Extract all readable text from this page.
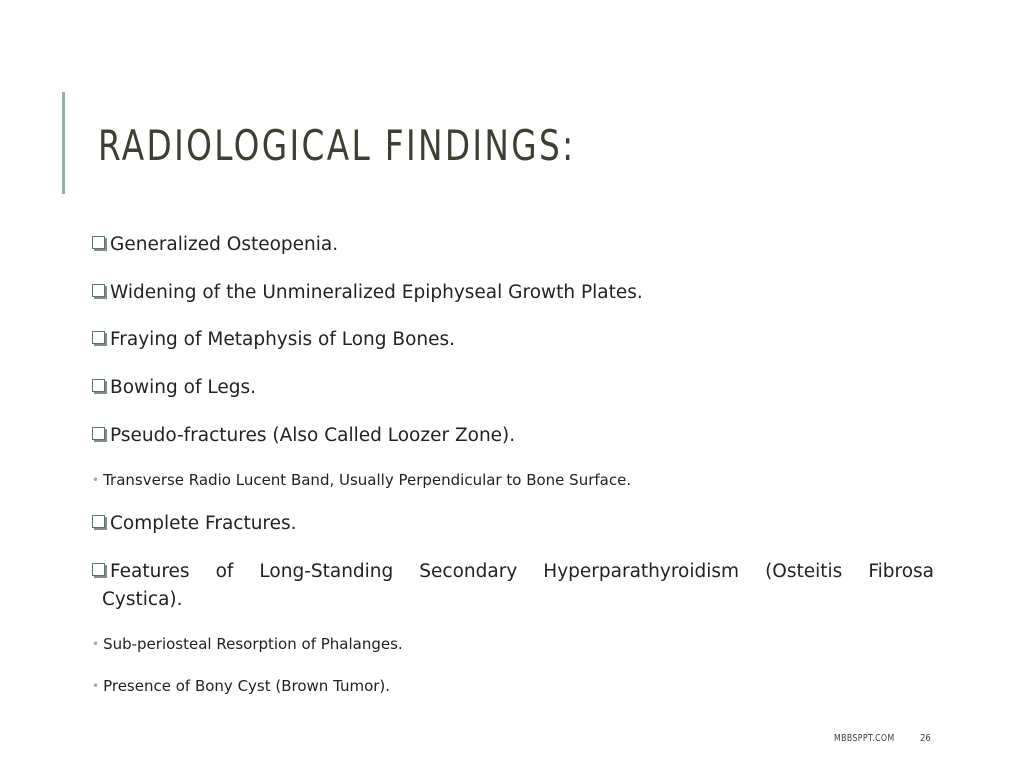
RADIOLOGICAL FINDINGS:
Generalized Osteopenia.
Widening of the Unmineralized Epiphyseal Growth Plates.
Fraying of Metaphysis of Long Bones.
Bowing of Legs.
Pseudo-fractures (Also Called Loozer Zone).
• Transverse Radio Lucent Band, Usually Perpendicular to Bone Surface.
Complete Fractures.
Features of Long-Standing Secondary Hyperparathyroidism (Osteitis Fibrosa
Cystica).
• Sub-periosteal Resorption of Phalanges.
• Presence of Bony Cyst (Brown Tumor).
MBBSPPT.COM	26
